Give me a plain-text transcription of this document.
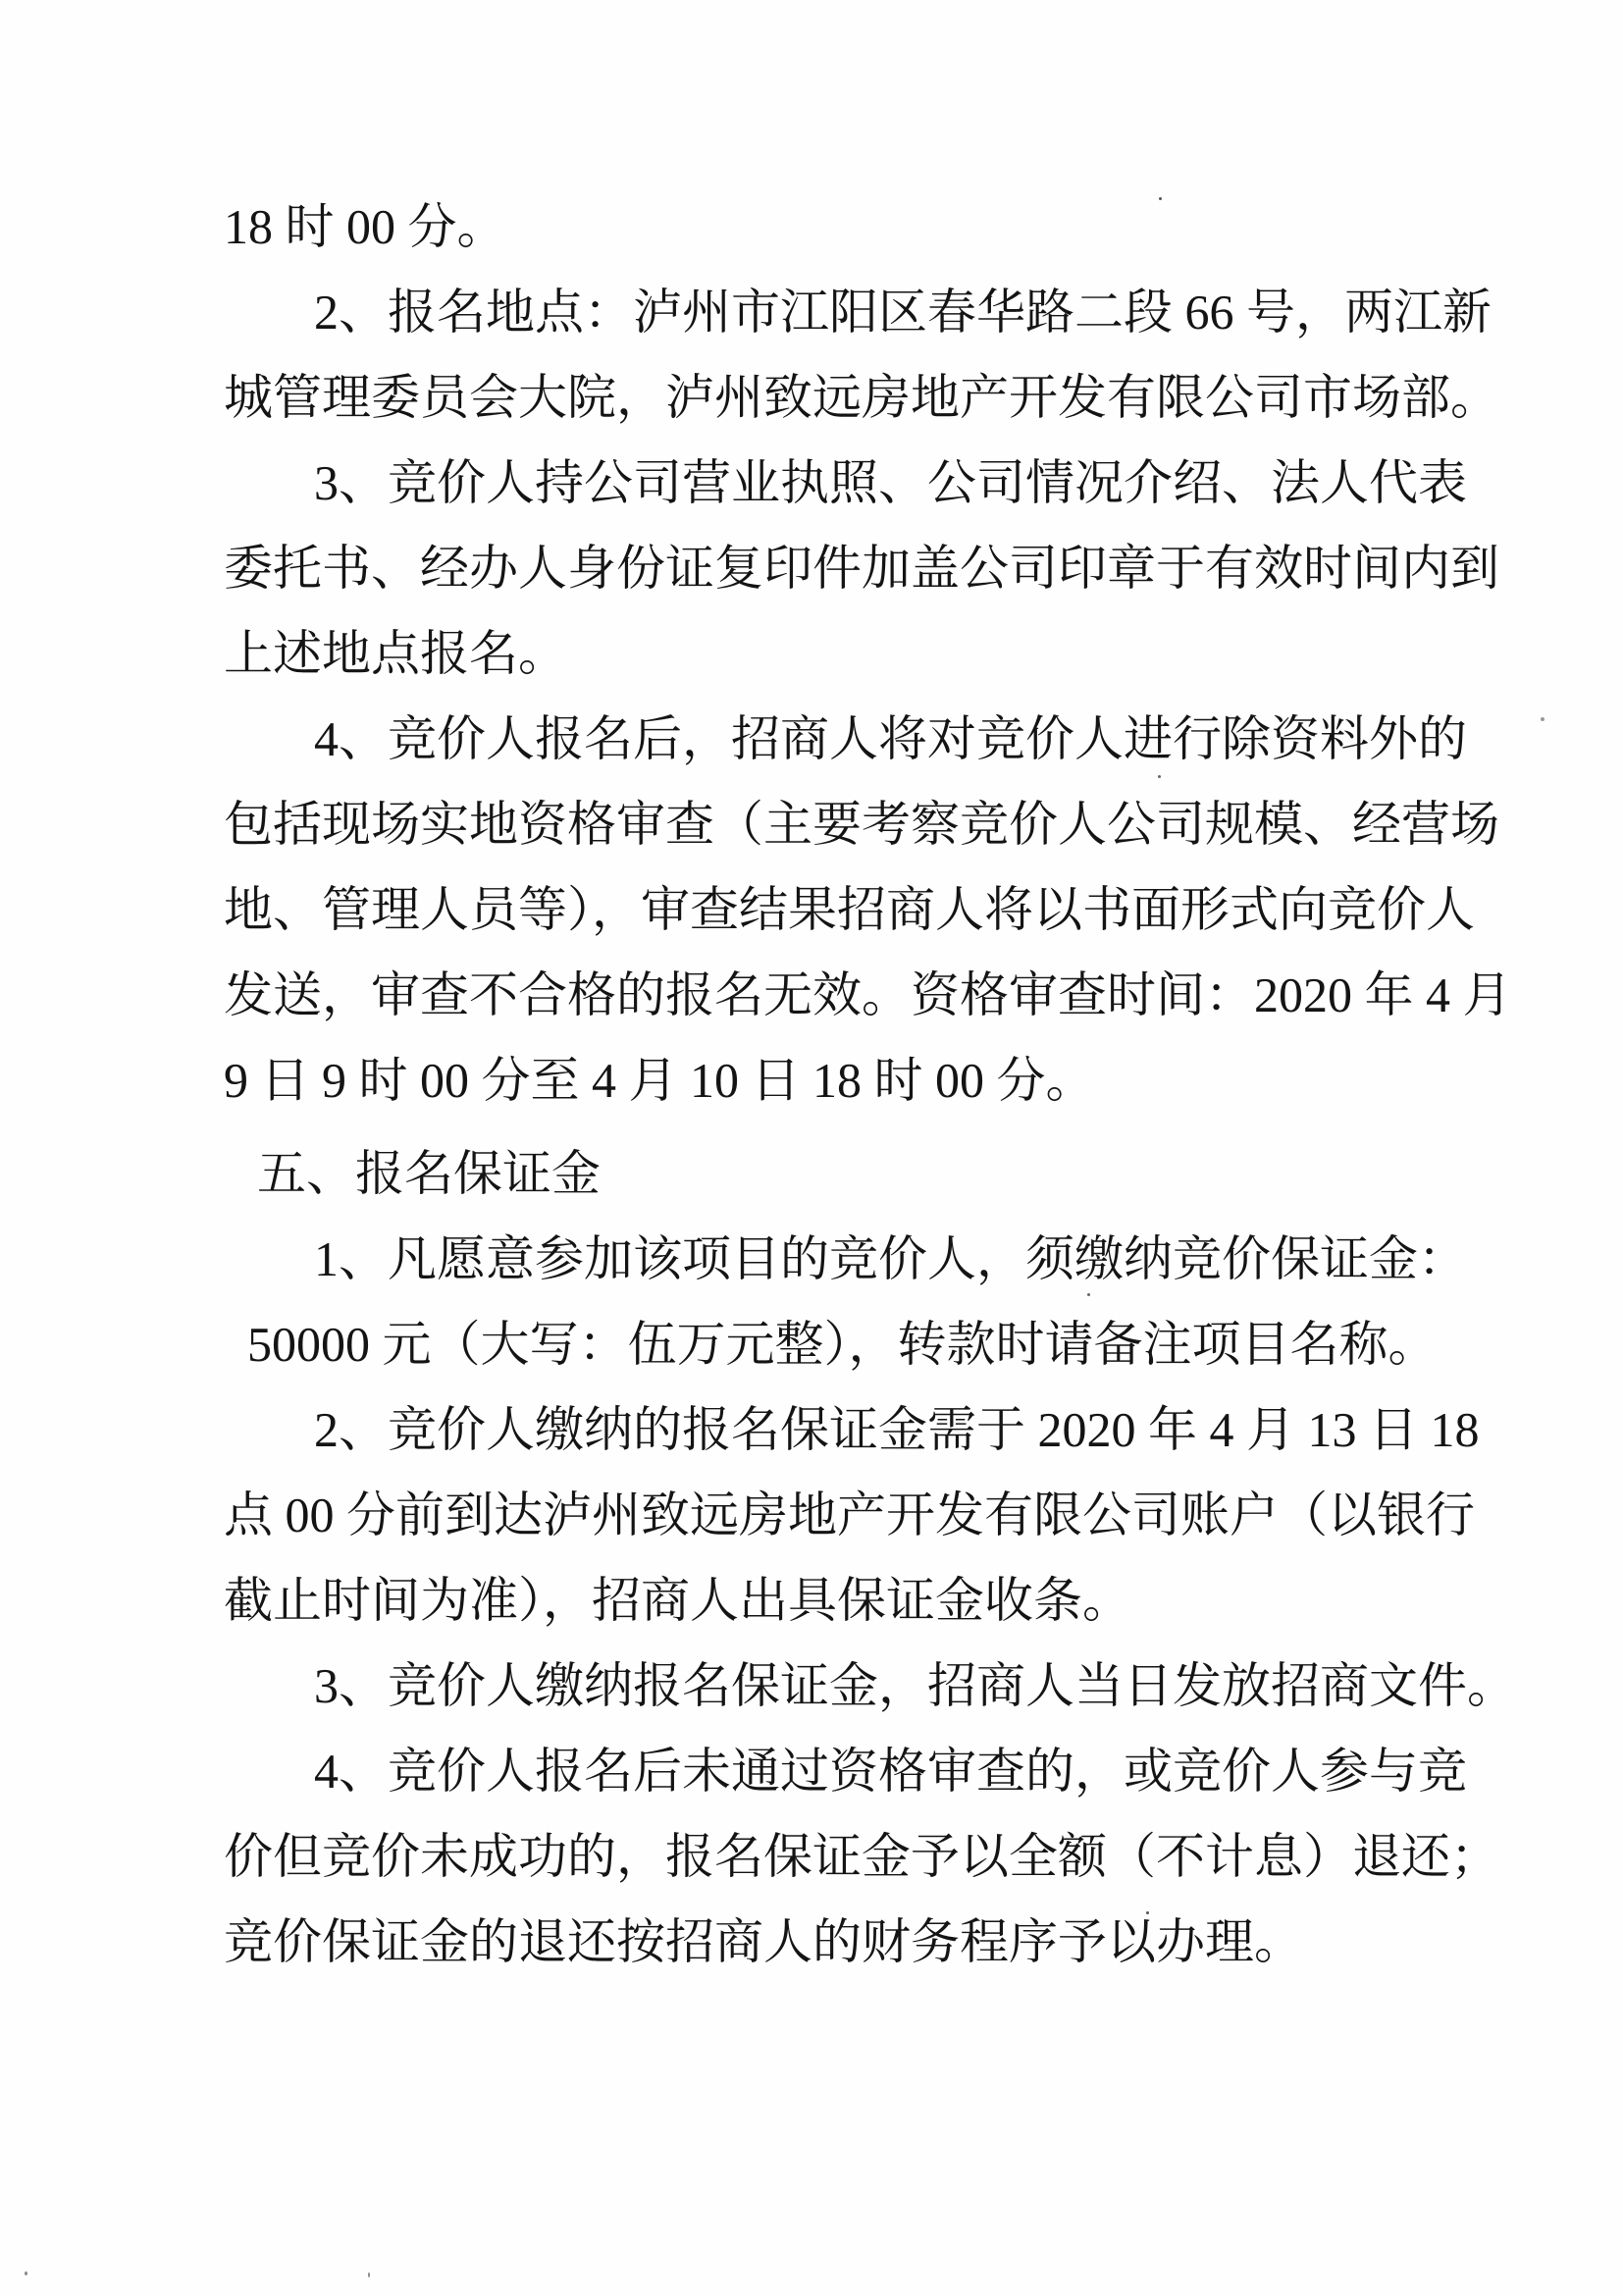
18 时 00 分。

2、报名地点：泸州市江阳区春华路二段 66 号，两江新

城管理委员会大院，泸州致远房地产开发有限公司市场部。

3、竞价人持公司营业执照、公司情况介绍、法人代表

委托书、经办人身份证复印件加盖公司印章于有效时间内到

上述地点报名。

4、竞价人报名后，招商人将对竞价人进行除资料外的

包括现场实地资格审查（主要考察竞价人公司规模、经营场

地、管理人员等），审查结果招商人将以书面形式向竞价人

发送，审查不合格的报名无效。资格审查时间：2020 年 4 月

9 日 9 时 00 分至 4 月 10 日 18 时 00 分。

五、报名保证金

1、凡愿意参加该项目的竞价人，须缴纳竞价保证金：

50000 元（大写：伍万元整），转款时请备注项目名称。

2、竞价人缴纳的报名保证金需于 2020 年 4 月 13 日 18

点 00 分前到达泸州致远房地产开发有限公司账户（以银行

截止时间为准），招商人出具保证金收条。

3、竞价人缴纳报名保证金，招商人当日发放招商文件。

4、竞价人报名后未通过资格审查的，或竞价人参与竞

价但竞价未成功的，报名保证金予以全额（不计息）退还；

竞价保证金的退还按招商人的财务程序予以办理。
